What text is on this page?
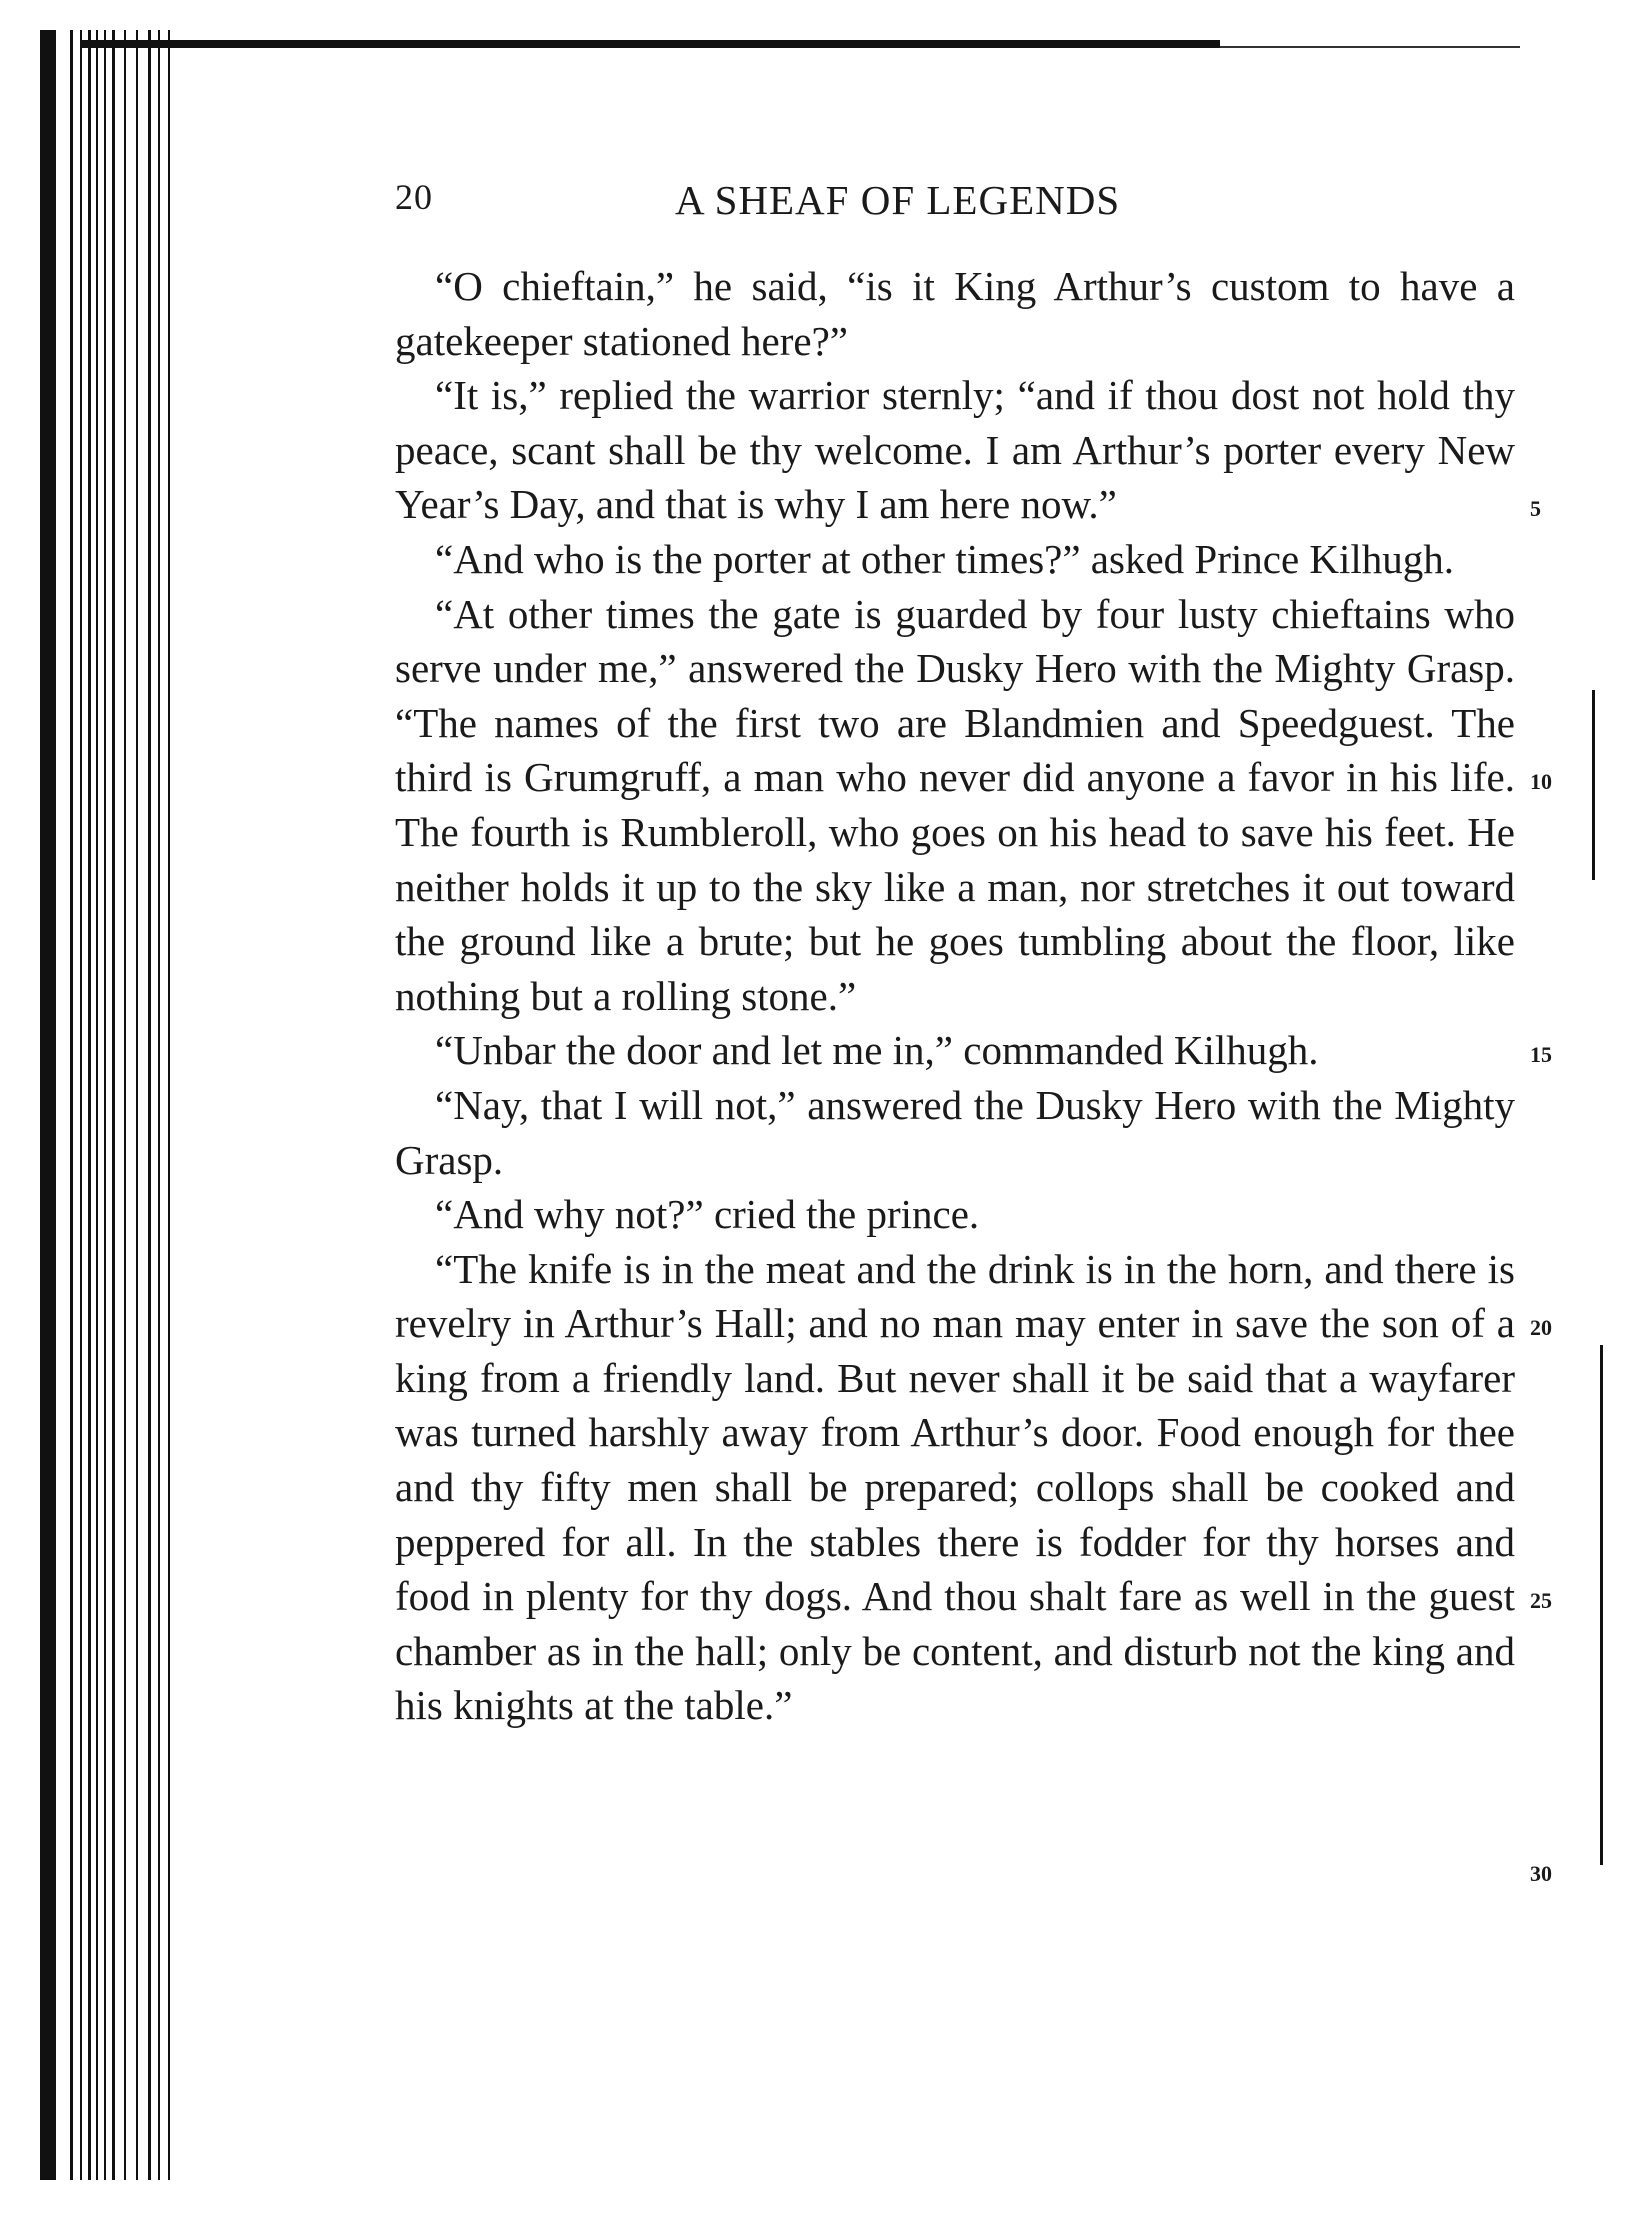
20	A SHEAF OF LEGENDS

“O chieftain,” he said, “is it King Arthur’s custom to have a gatekeeper stationed here?”

“It is,” replied the warrior sternly; “and if thou dost not hold thy peace, scant shall be thy welcome. I am Arthur’s porter every New Year’s Day, and that is why I am here now.”

“And who is the porter at other times?” asked Prince Kilhugh.

“At other times the gate is guarded by four lusty chieftains who serve under me,” answered the Dusky Hero with the Mighty Grasp. “The names of the first two are Blandmien and Speedguest. The third is Grumgruff, a man who never did anyone a favor in his life. The fourth is Rumbleroll, who goes on his head to save his feet. He neither holds it up to the sky like a man, nor stretches it out toward the ground like a brute; but he goes tumbling about the floor, like nothing but a rolling stone.”

“Unbar the door and let me in,” commanded Kilhugh.

“Nay, that I will not,” answered the Dusky Hero with the Mighty Grasp.

“And why not?” cried the prince.

“The knife is in the meat and the drink is in the horn, and there is revelry in Arthur’s Hall; and no man may enter in save the son of a king from a friendly land. But never shall it be said that a wayfarer was turned harshly away from Arthur’s door. Food enough for thee and thy fifty men shall be prepared; collops shall be cooked and peppered for all. In the stables there is fodder for thy horses and food in plenty for thy dogs. And thou shalt fare as well in the guest chamber as in the hall; only be content, and disturb not the king and his knights at the table.”

5
10
15
20
25
30
